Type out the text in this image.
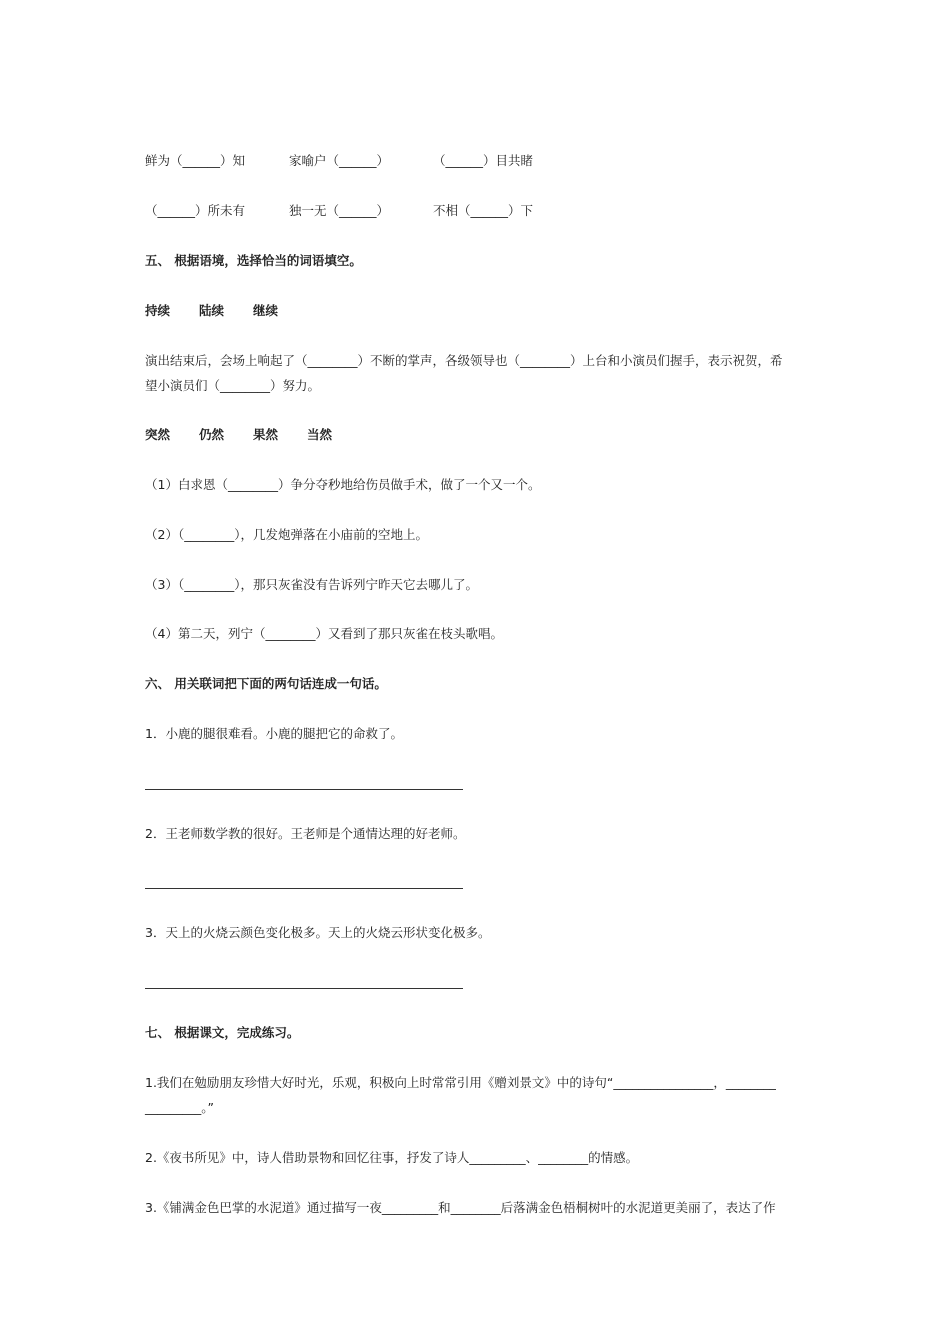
鲜为（______）知	家喻户（______）	（______）目共睹
（______）所未有	独一无（______）	不相（______）下
五、 根据语境，选择恰当的词语填空。
持续 陆续 继续
演出结束后，会场上响起了（________）不断的掌声，各级领导也（________）上台和小演员们握手，表示祝贺，希
望小演员们（________）努力。
突然 仍然 果然 当然
（1）白求恩（________）争分夺秒地给伤员做手术，做了一个又一个。
（2）（________），几发炮弹落在小庙前的空地上。
（3）（________），那只灰雀没有告诉列宁昨天它去哪儿了。
（4）第二天，列宁（________）又看到了那只灰雀在枝头歌唱。
六、 用关联词把下面的两句话连成一句话。
1．小鹿的腿很难看。小鹿的腿把它的命救了。
2．王老师数学教的很好。王老师是个通情达理的好老师。
3．天上的火烧云颜色变化极多。天上的火烧云形状变化极多。
七、 根据课文，完成练习。
1.我们在勉励朋友珍惜大好时光，乐观，积极向上时常常引用《赠刘景文》中的诗句“________________，________
_________。”
2.《夜书所见》中，诗人借助景物和回忆往事，抒发了诗人_________、________的情感。
3.《铺满金色巴掌的水泥道》通过描写一夜_________和________后落满金色梧桐树叶的水泥道更美丽了，表达了作
